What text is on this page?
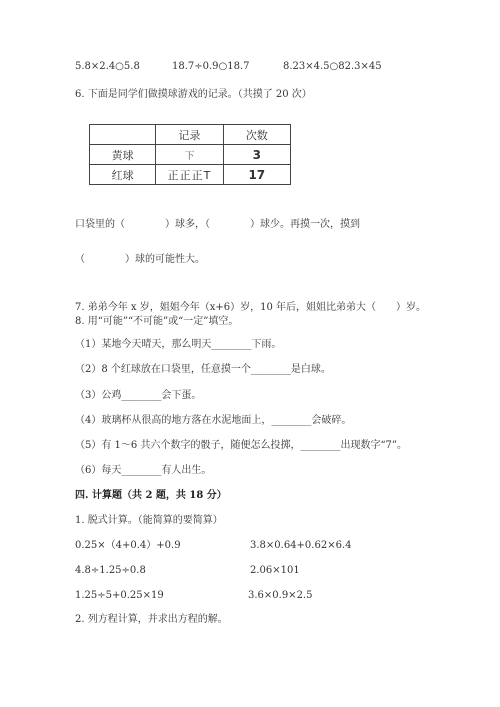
5.8×2.4○5.8	18.7÷0.9○18.7	8.23×4.5○82.3×45
6. 下面是同学们做摸球游戏的记录。（共摸了 20 次）
	记录	次数
黄球	下	3
红球	正正正T	17
口袋里的（　　　　）球多，（　　　　）球少。再摸一次，摸到
（　　　　）球的可能性大。
7. 弟弟今年 x 岁，姐姐今年（x+6）岁，10 年后，姐姐比弟弟大（　　）岁。
8. 用“可能”“不可能”或“一定”填空。
（1）某地今天晴天，那么明天________下雨。
（2）8 个红球放在口袋里，任意摸一个________是白球。
（3）公鸡________会下蛋。
（4）玻璃杯从很高的地方落在水泥地面上，________会破碎。
（5）有 1～6 共六个数字的骰子，随便怎么投掷，________出现数字“7”。
（6）每天________有人出生。
四. 计算题（共 2 题，共 18 分）
1. 脱式计算。（能简算的要简算）
0.25×（4+0.4）+0.9	3.8×0.64+0.62×6.4
4.8÷1.25÷0.8	2.06×101
1.25÷5+0.25×19	3.6×0.9×2.5
2. 列方程计算，并求出方程的解。
